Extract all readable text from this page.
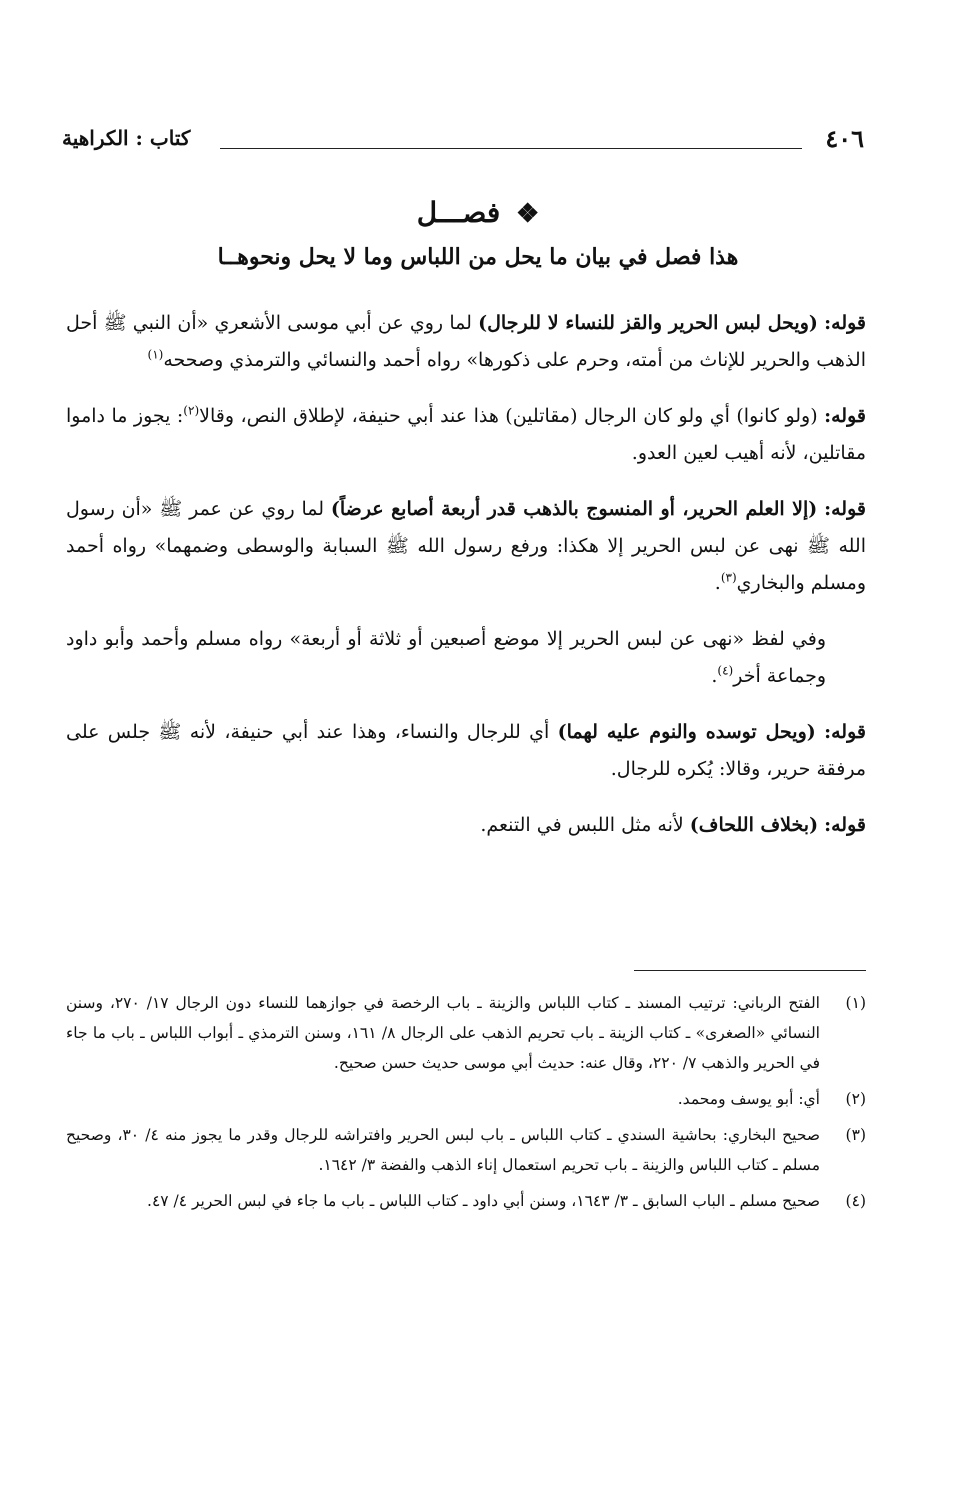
٤٠٦
كتاب : الكراهية
❖ فصـــل
هذا فصل في بيان ما يحل من اللباس وما لا يحل ونحوهــا

قوله: (ويحل لبس الحرير والقز للنساء لا للرجال) لما روي عن أبي موسى الأشعري «أن النبي ﷺ أحل الذهب والحرير للإناث من أمته، وحرم على ذكورها» رواه أحمد والنسائي والترمذي وصححه$^{(١)}$

قوله: (ولو كانوا) أي ولو كان الرجال (مقاتلين) هذا عند أبي حنيفة، لإطلاق النص، وقالا$^{(٢)}$: يجوز ما داموا مقاتلين، لأنه أهيب لعين العدو.

قوله: (إلا العلم الحرير، أو المنسوج بالذهب قدر أربعة أصابع عرضاً) لما روي عن عمر ﷺ «أن رسول الله ﷺ نهى عن لبس الحرير إلا هكذا: ورفع رسول الله ﷺ السبابة والوسطى وضمهما» رواه أحمد ومسلم والبخاري$^{(٣)}$.

وفي لفظ «نهى عن لبس الحرير إلا موضع أصبعين أو ثلاثة أو أربعة» رواه مسلم وأحمد وأبو داود وجماعة أخر$^{(٤)}$.

قوله: (ويحل توسده والنوم عليه لهما) أي للرجال والنساء، وهذا عند أبي حنيفة، لأنه ﷺ جلس على مرفقة حرير، وقالا: يُكره للرجال.

قوله: (بخلاف اللحاف) لأنه مثل اللبس في التنعم.

(١)
الفتح الرباني: ترتيب المسند ـ كتاب اللباس والزينة ـ باب الرخصة في جوازهما للنساء دون الرجال ١٧/ ٢٧٠، وسنن النسائي «الصغرى» ـ كتاب الزينة ـ باب تحريم الذهب على الرجال ٨/ ١٦١، وسنن الترمذي ـ أبواب اللباس ـ باب ما جاء في الحرير والذهب ٧/ ٢٢٠، وقال عنه: حديث أبي موسى حديث حسن صحيح.
(٢)
أي: أبو يوسف ومحمد.
(٣)
صحيح البخاري: بحاشية السندي ـ كتاب اللباس ـ باب لبس الحرير وافتراشه للرجال وقدر ما يجوز منه ٤/ ٣٠، وصحيح مسلم ـ كتاب اللباس والزينة ـ باب تحريم استعمال إناء الذهب والفضة ٣/ ١٦٤٢.
(٤)
صحيح مسلم ـ الباب السابق ـ ٣/ ١٦٤٣، وسنن أبي داود ـ كتاب اللباس ـ باب ما جاء في لبس الحرير ٤/ ٤٧.
